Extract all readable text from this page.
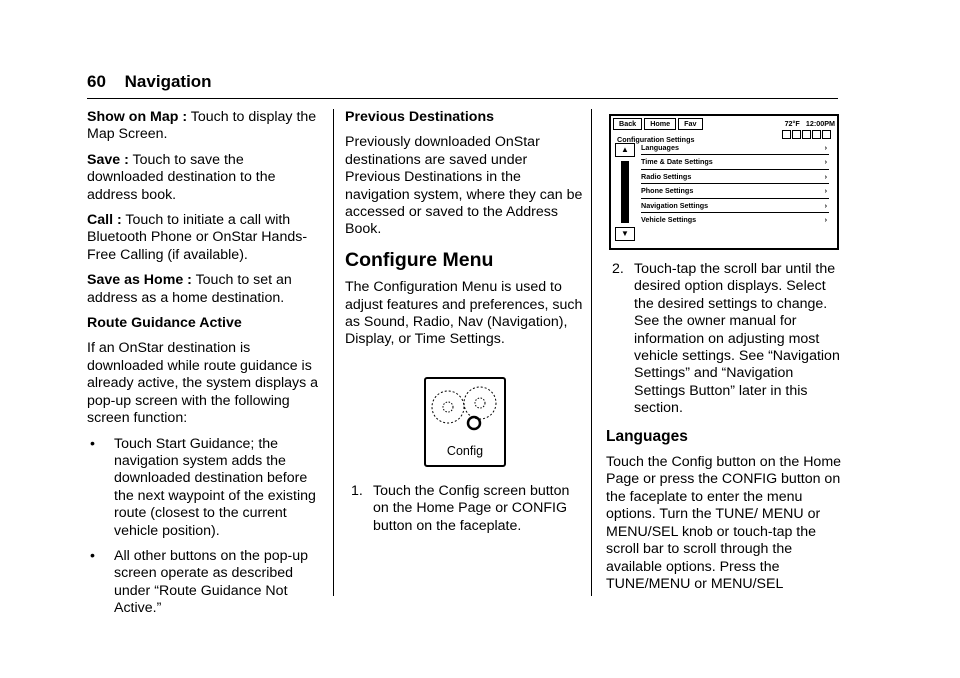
60 Navigation

Show on Map : Touch to display the Map Screen.

Save : Touch to save the downloaded destination to the address book.

Call : Touch to initiate a call with Bluetooth Phone or OnStar Hands-Free Calling (if available).

Save as Home : Touch to set an address as a home destination.

Route Guidance Active

If an OnStar destination is downloaded while route guidance is already active, the system displays a pop-up screen with the following screen function:

•	Touch Start Guidance; the navigation system adds the downloaded destination before the next waypoint of the existing route (closest to the current vehicle position).
•	All other buttons on the pop-up screen operate as described under “Route Guidance Not Active.”
Previous Destinations

Previously downloaded OnStar destinations are saved under Previous Destinations in the navigation system, where they can be accessed or saved to the Address Book.

Configure Menu

The Configuration Menu is used to adjust features and preferences, such as Sound, Radio, Nav (Navigation), Display, or Time Settings.

Config
1. Touch the Config screen button on the Home Page or CONFIG button on the faceplate.
Back	Home	Fav	72°F 12:00PM
Configuration Settings
▲
▼
Languages	›
Time & Date Settings	›
Radio Settings	›
Phone Settings	›
Navigation Settings	›
Vehicle Settings	›
2. Touch-tap the scroll bar until the desired option displays. Select the desired settings to change. See the owner manual for information on adjusting most vehicle settings. See “Navigation Settings” and “Navigation Settings Button” later in this section.
Languages

Touch the Config button on the Home Page or press the CONFIG button on the faceplate to enter the menu options. Turn the TUNE/ MENU or MENU/SEL knob or touch-tap the scroll bar to scroll through the available options. Press the TUNE/MENU or MENU/SEL
